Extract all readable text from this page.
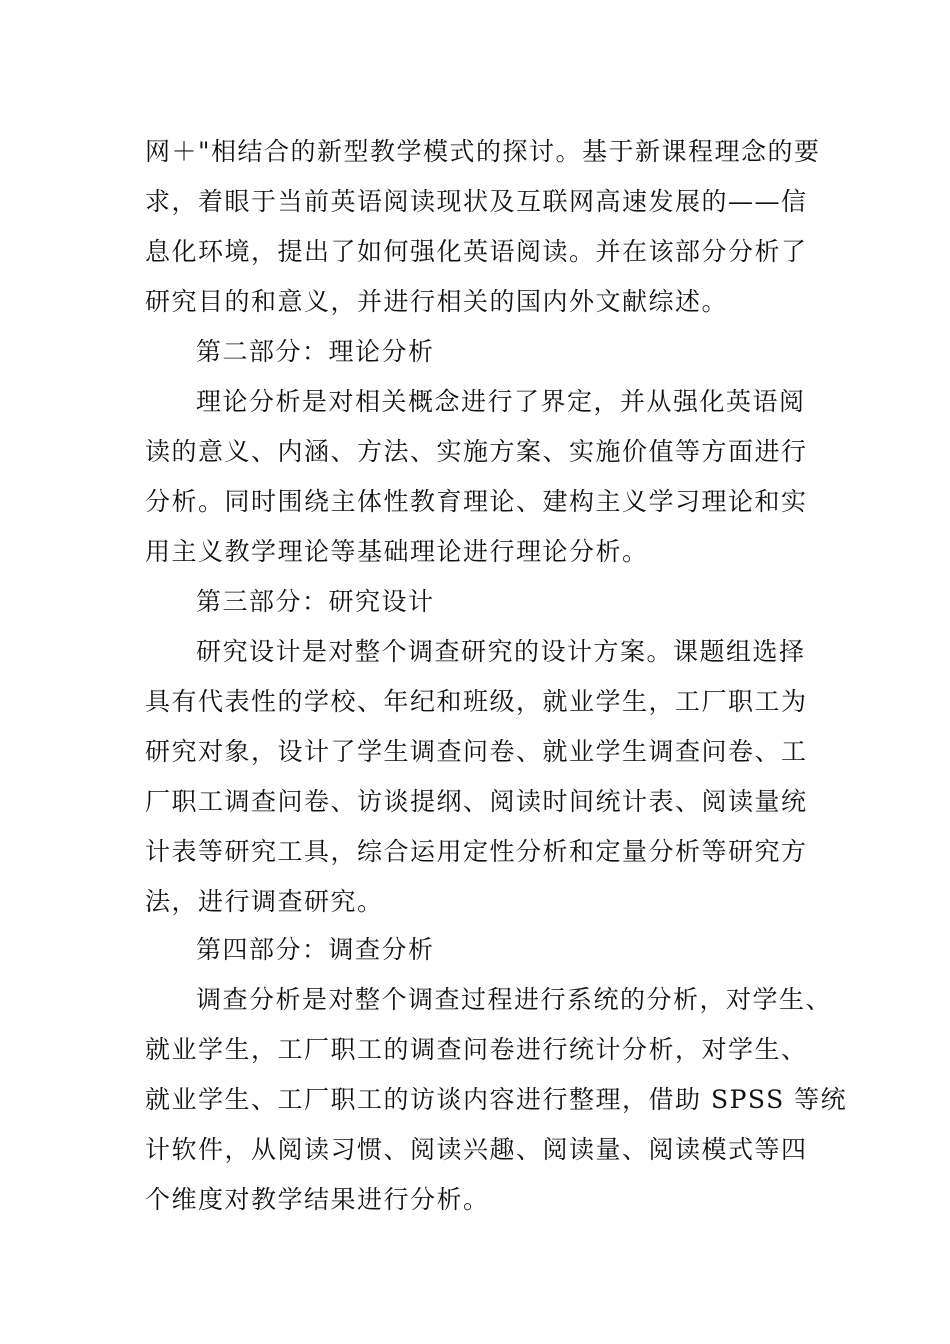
网＋"相结合的新型教学模式的探讨。基于新课程理念的要
求，着眼于当前英语阅读现状及互联网高速发展的——信
息化环境，提出了如何强化英语阅读。并在该部分分析了
研究目的和意义，并进行相关的国内外文献综述。
第二部分：理论分析
理论分析是对相关概念进行了界定，并从强化英语阅
读的意义、内涵、方法、实施方案、实施价值等方面进行
分析。同时围绕主体性教育理论、建构主义学习理论和实
用主义教学理论等基础理论进行理论分析。
第三部分：研究设计
研究设计是对整个调查研究的设计方案。课题组选择
具有代表性的学校、年纪和班级，就业学生，工厂职工为
研究对象，设计了学生调查问卷、就业学生调查问卷、工
厂职工调查问卷、访谈提纲、阅读时间统计表、阅读量统
计表等研究工具，综合运用定性分析和定量分析等研究方
法，进行调查研究。
第四部分：调查分析
调查分析是对整个调查过程进行系统的分析，对学生、
就业学生，工厂职工的调查问卷进行统计分析，对学生、
就业学生、工厂职工的访谈内容进行整理，借助 SPSS 等统
计软件，从阅读习惯、阅读兴趣、阅读量、阅读模式等四
个维度对教学结果进行分析。
